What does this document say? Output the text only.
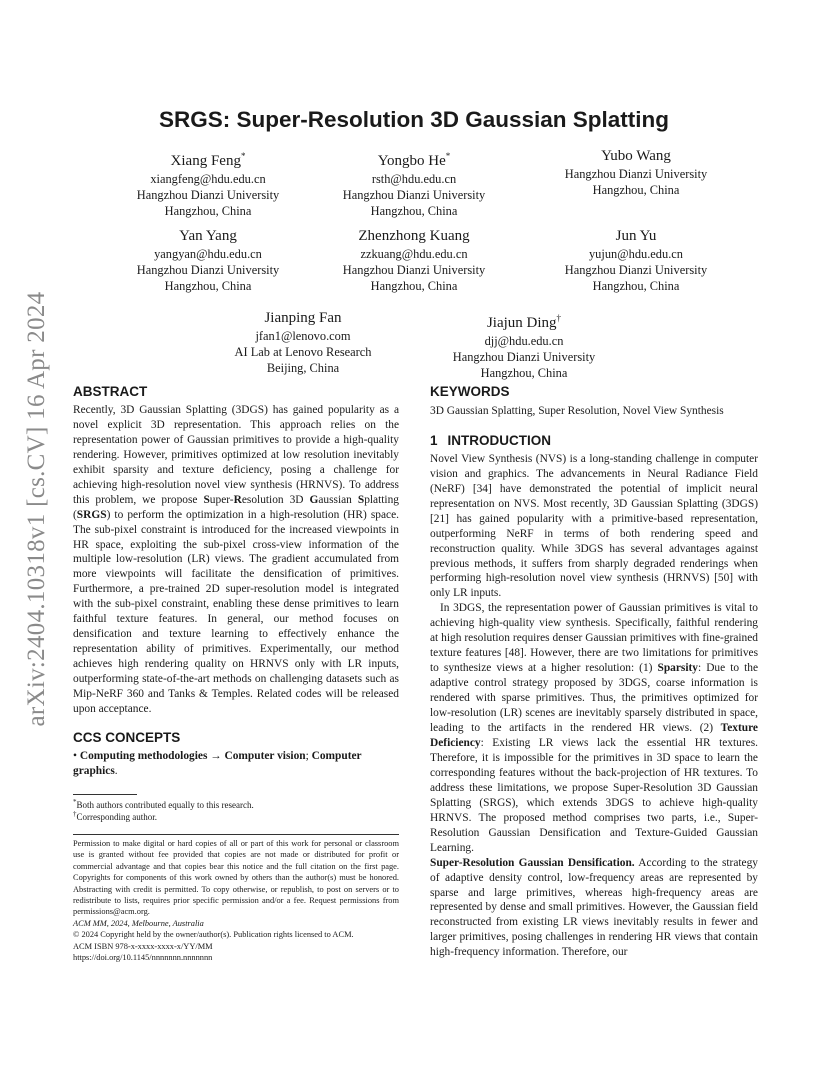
arXiv:2404.10318v1 [cs.CV] 16 Apr 2024
SRGS: Super-Resolution 3D Gaussian Splatting
Xiang Feng*
xiangfeng@hdu.edu.cn
Hangzhou Dianzi University
Hangzhou, China
Yongbo He*
rsth@hdu.edu.cn
Hangzhou Dianzi University
Hangzhou, China
Yubo Wang
Hangzhou Dianzi University
Hangzhou, China
Yan Yang
yangyan@hdu.edu.cn
Hangzhou Dianzi University
Hangzhou, China
Zhenzhong Kuang
zzkuang@hdu.edu.cn
Hangzhou Dianzi University
Hangzhou, China
Jun Yu
yujun@hdu.edu.cn
Hangzhou Dianzi University
Hangzhou, China
Jianping Fan
jfan1@lenovo.com
AI Lab at Lenovo Research
Beijing, China
Jiajun Ding†
djj@hdu.edu.cn
Hangzhou Dianzi University
Hangzhou, China
ABSTRACT

Recently, 3D Gaussian Splatting (3DGS) has gained popularity as a novel explicit 3D representation. This approach relies on the representation power of Gaussian primitives to provide a high-quality rendering. However, primitives optimized at low resolution inevitably exhibit sparsity and texture deficiency, posing a challenge for achieving high-resolution novel view synthesis (HRNVS). To address this problem, we propose Super-Resolution 3D Gaussian Splatting (SRGS) to perform the optimization in a high-resolution (HR) space. The sub-pixel constraint is introduced for the increased viewpoints in HR space, exploiting the sub-pixel cross-view information of the multiple low-resolution (LR) views. The gradient accumulated from more viewpoints will facilitate the densification of primitives. Furthermore, a pre-trained 2D super-resolution model is integrated with the sub-pixel constraint, enabling these dense primitives to learn faithful texture features. In general, our method focuses on densification and texture learning to effectively enhance the representation ability of primitives. Experimentally, our method achieves high rendering quality on HRNVS only with LR inputs, outperforming state-of-the-art methods on challenging datasets such as Mip-NeRF 360 and Tanks & Temples. Related codes will be released upon acceptance.

CCS CONCEPTS

• Computing methodologies → Computer vision; Computer graphics.

*Both authors contributed equally to this research.
†Corresponding author.

Permission to make digital or hard copies of all or part of this work for personal or classroom use is granted without fee provided that copies are not made or distributed for profit or commercial advantage and that copies bear this notice and the full citation on the first page. Copyrights for components of this work owned by others than the author(s) must be honored. Abstracting with credit is permitted. To copy otherwise, or republish, to post on servers or to redistribute to lists, requires prior specific permission and/or a fee. Request permissions from permissions@acm.org.

ACM MM, 2024, Melbourne, Australia

© 2024 Copyright held by the owner/author(s). Publication rights licensed to ACM.

ACM ISBN 978-x-xxxx-xxxx-x/YY/MM

https://doi.org/10.1145/nnnnnnn.nnnnnnn

KEYWORDS

3D Gaussian Splatting, Super Resolution, Novel View Synthesis

1 INTRODUCTION

Novel View Synthesis (NVS) is a long-standing challenge in computer vision and graphics. The advancements in Neural Radiance Field (NeRF) [34] have demonstrated the potential of implicit neural representation on NVS. Most recently, 3D Gaussian Splatting (3DGS) [21] has gained popularity with a primitive-based representation, outperforming NeRF in terms of both rendering speed and reconstruction quality. While 3DGS has several advantages against previous methods, it suffers from sharply degraded renderings when performing high-resolution novel view synthesis (HRNVS) [50] with only LR inputs.

In 3DGS, the representation power of Gaussian primitives is vital to achieving high-quality view synthesis. Specifically, faithful rendering at high resolution requires denser Gaussian primitives with fine-grained texture features [48]. However, there are two limitations for primitives to synthesize views at a higher resolution: (1) Sparsity: Due to the adaptive control strategy proposed by 3DGS, coarse information is rendered with sparse primitives. Thus, the primitives optimized for low-resolution (LR) scenes are inevitably sparsely distributed in space, leading to the artifacts in the rendered HR views. (2) Texture Deficiency: Existing LR views lack the essential HR textures. Therefore, it is impossible for the primitives in 3D space to learn the corresponding features without the back-projection of HR textures. To address these limitations, we propose Super-Resolution 3D Gaussian Splatting (SRGS), which extends 3DGS to achieve high-quality HRNVS. The proposed method comprises two parts, i.e., Super-Resolution Gaussian Densification and Texture-Guided Gaussian Learning.

Super-Resolution Gaussian Densification. According to the strategy of adaptive density control, low-frequency areas are represented by sparse and large primitives, whereas high-frequency areas are represented by dense and small primitives. However, the Gaussian field reconstructed from existing LR views inevitably results in fewer and larger primitives, posing challenges in rendering HR views that contain high-frequency information. Therefore, our
